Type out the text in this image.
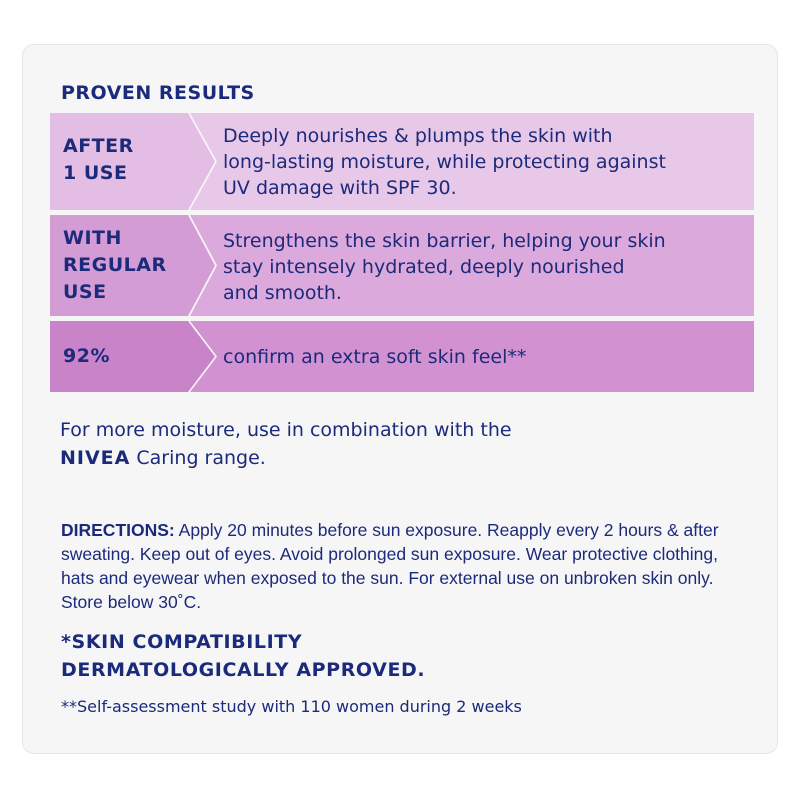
PROVEN RESULTS
AFTER
1 USE
Deeply nourishes & plumps the skin with
long-lasting moisture, while protecting against
UV damage with SPF 30.
WITH
REGULAR
USE
Strengthens the skin barrier, helping your skin
stay intensely hydrated, deeply nourished
and smooth.
92%	confirm an extra soft skin feel**
For more moisture, use in combination with the
NIVEA Caring range.
DIRECTIONS: Apply 20 minutes before sun exposure. Reapply every 2 hours & after sweating. Keep out of eyes. Avoid prolonged sun exposure. Wear protective clothing, hats and eyewear when exposed to the sun. For external use on unbroken skin only. Store below 30˚C.
*SKIN COMPATIBILITY
DERMATOLOGICALLY APPROVED.
**Self-assessment study with 110 women during 2 weeks
